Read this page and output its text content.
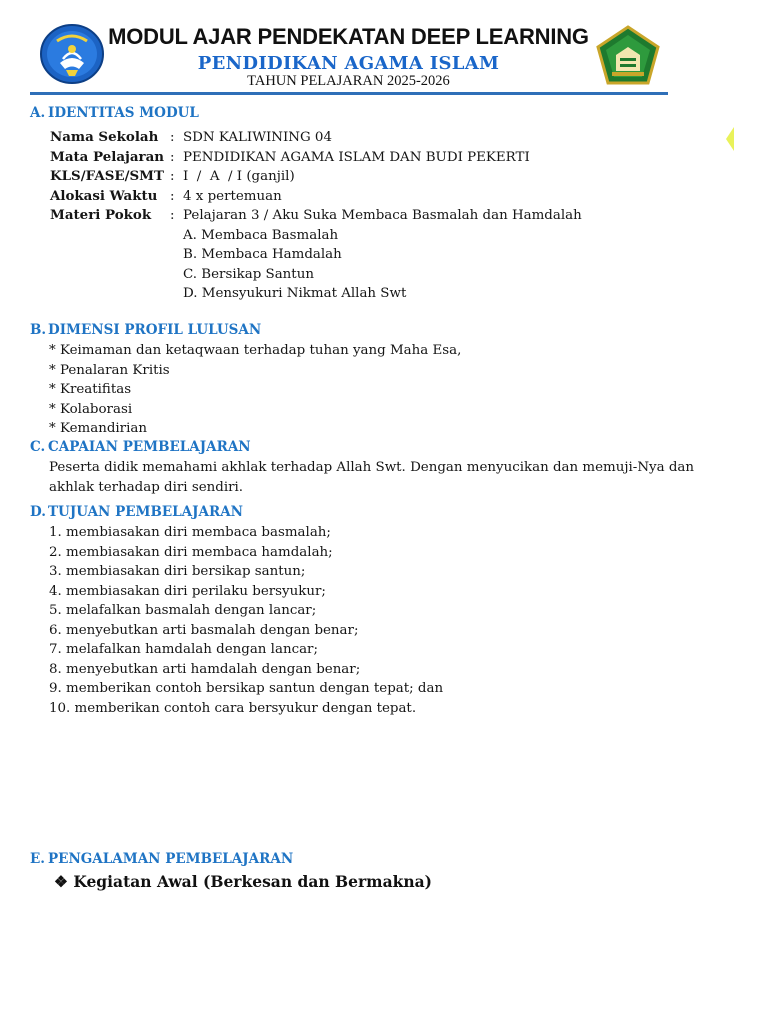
MODUL AJAR PENDEKATAN DEEP LEARNING
PENDIDIKAN AGAMA ISLAM
TAHUN PELAJARAN 2025-2026
A. IDENTITAS MODUL
Nama Sekolah	:	SDN KALIWINING 04
Mata Pelajaran	:	PENDIDIKAN AGAMA ISLAM DAN BUDI PEKERTI
KLS/FASE/SMT	:	I  /  A  / I (ganjil)
Alokasi Waktu	:	4 x pertemuan
Materi Pokok	:	Pelajaran 3 / Aku Suka Membaca Basmalah dan Hamdalah
		A. Membaca Basmalah
		B. Membaca Hamdalah
		C. Bersikap Santun
		D. Mensyukuri Nikmat Allah Swt
B. DIMENSI PROFIL LULUSAN
* Keimaman dan ketaqwaan terhadap tuhan yang Maha Esa,
* Penalaran Kritis
* Kreatifitas
* Kolaborasi
* Kemandirian
C. CAPAIAN PEMBELAJARAN
Peserta didik memahami akhlak terhadap Allah Swt. Dengan menyucikan dan memuji-Nya dan
akhlak terhadap diri sendiri.
D. TUJUAN PEMBELAJARAN
1. membiasakan diri membaca basmalah;
2. membiasakan diri membaca hamdalah;
3. membiasakan diri bersikap santun;
4. membiasakan diri perilaku bersyukur;
5. melafalkan basmalah dengan lancar;
6. menyebutkan arti basmalah dengan benar;
7. melafalkan hamdalah dengan lancar;
8. menyebutkan arti hamdalah dengan benar;
9. memberikan contoh bersikap santun dengan tepat; dan
10. memberikan contoh cara bersyukur dengan tepat.
E. PENGALAMAN PEMBELAJARAN
❖ Kegiatan Awal (Berkesan dan Bermakna)
